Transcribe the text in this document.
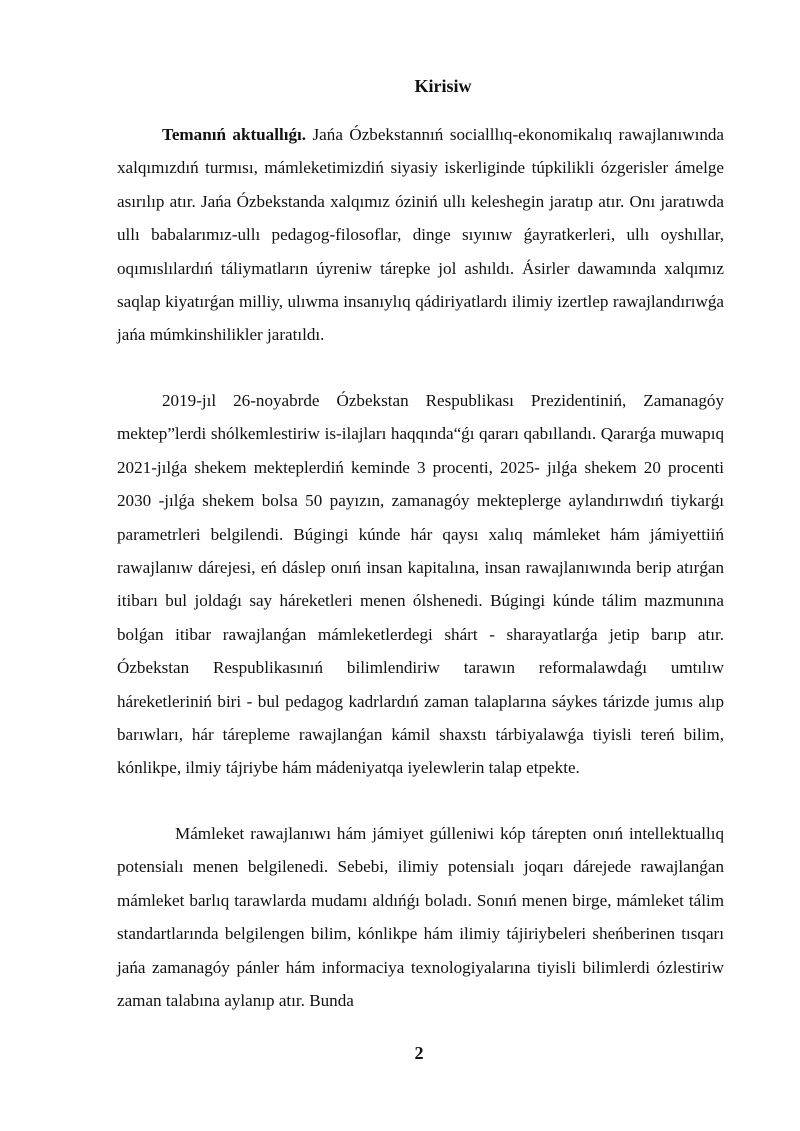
Kirisiw

Temanıń aktuallıǵı. Jańa Ózbekstannıń socialllıq-ekonomikalıq rawajlanıwında xalqımızdıń turmısı, mámleketimizdiń siyasiy iskerliginde túpkilikli ózgerisler ámelge asırılıp atır. Jańa Ózbekstanda xalqımız óziniń ullı keleshegin jaratıp atır. Onı jaratıwda ullı babalarımız-ullı pedagog-filosoflar, dinge sıyınıw ǵayratkerleri, ullı oyshıllar, oqımıslılardıń táliymatların úyreniw tárepke jol ashıldı. Ásirler dawamında xalqımız saqlap kiyatırǵan milliy, ulıwma insanıylıq qádiriyatlardı ilimiy izertlep rawajlandırıwǵa jańa múmkinshilikler jaratıldı.

2019-jıl 26-noyabrde Ózbekstan Respublikası Prezidentiniń, Zamanagóy mektep”lerdi shólkemlestiriw is-ilajları haqqında“ǵı qararı qabıllandı. Qararǵa muwapıq 2021-jılǵa shekem mekteplerdiń keminde 3 procenti, 2025- jılǵa shekem 20 procenti 2030 -jılǵa shekem bolsa 50 payızın, zamanagóy mekteplerge aylandırıwdıń tiykarǵı parametrleri belgilendi. Búgingi kúnde hár qaysı xalıq mámleket hám jámiyettiiń rawajlanıw dárejesi, eń dáslep onıń insan kapitalına, insan rawajlanıwında berip atırǵan itibarı bul joldaǵı say háreketleri menen ólshenedi. Búgingi kúnde tálim mazmunına bolǵan itibar rawajlanǵan mámleketlerdegi shárt - sharayatlarǵa jetip barıp atır. Ózbekstan Respublikasınıń bilimlendiriw tarawın reformalawdaǵı umtılıw háreketleriniń biri - bul pedagog kadrlardıń zaman talaplarına sáykes tárizde jumıs alıp barıwları, hár tárepleme rawajlanǵan kámil shaxstı tárbiyalawǵa tiyisli tereń bilim, kónlikpe, ilmiy tájriybe hám mádeniyatqa iyelewlerin talap etpekte.

Mámleket rawajlanıwı hám jámiyet gúlleniwi kóp tárepten onıń intellektuallıq potensialı menen belgilenedi. Sebebi, ilimiy potensialı joqarı dárejede rawajlanǵan mámleket barlıq tarawlarda mudamı aldıńǵı boladı. Sonıń menen birge, mámleket tálim standartlarında belgilengen bilim, kónlikpe hám ilimiy tájiriybeleri sheńberinen tısqarı jańa zamanagóy pánler hám informaciya texnologiyalarına tiyisli bilimlerdi ózlestiriw zaman talabına aylanıp atır. Bunda

2
